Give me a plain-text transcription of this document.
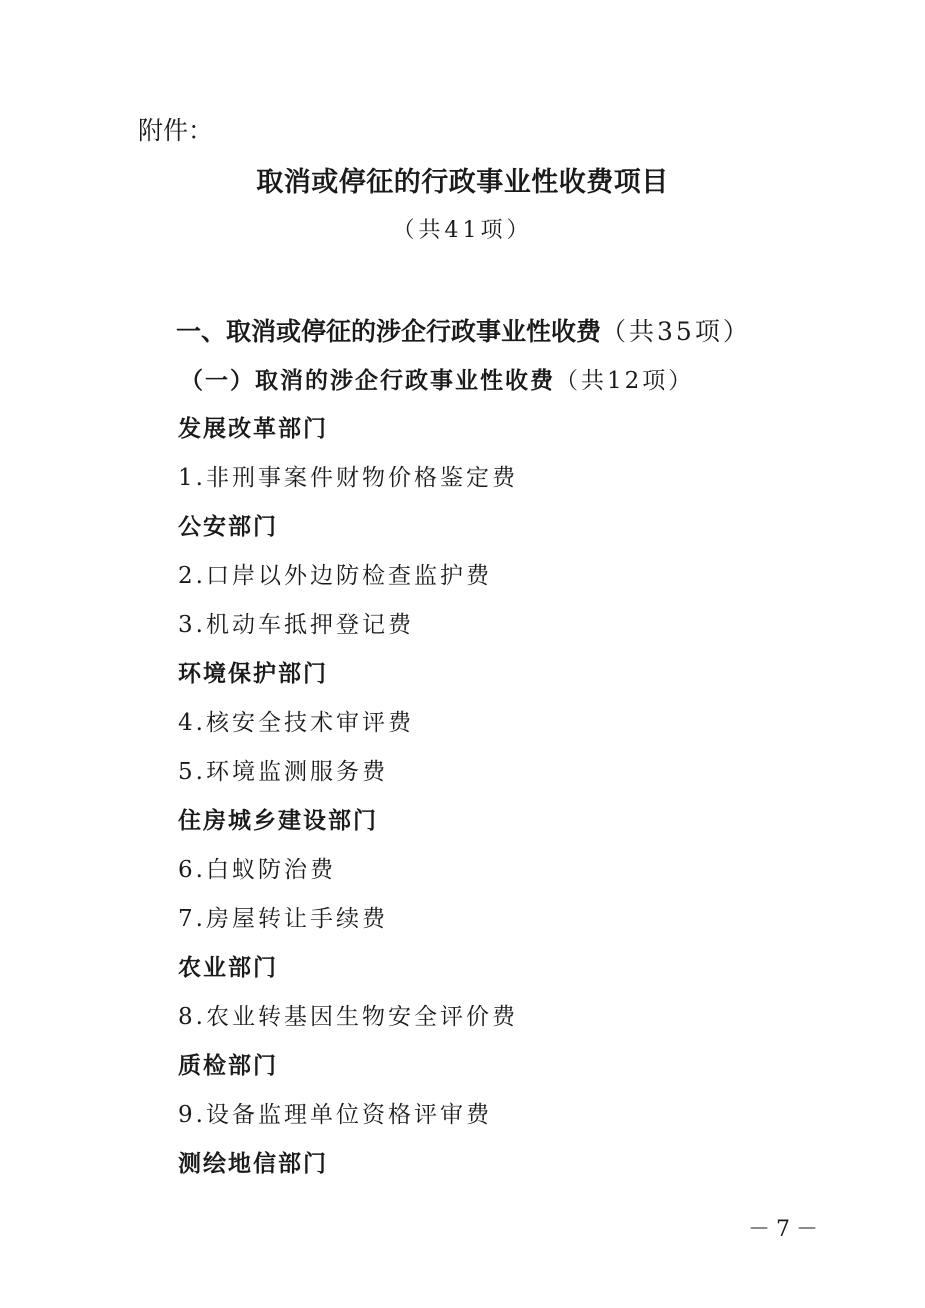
附件：
取消或停征的行政事业性收费项目
（共41项）
一、取消或停征的涉企行政事业性收费（共35项）
（一）取消的涉企行政事业性收费（共12项）
发展改革部门
1.非刑事案件财物价格鉴定费
公安部门
2.口岸以外边防检查监护费
3.机动车抵押登记费
环境保护部门
4.核安全技术审评费
5.环境监测服务费
住房城乡建设部门
6.白蚁防治费
7.房屋转让手续费
农业部门
8.农业转基因生物安全评价费
质检部门
9.设备监理单位资格评审费
测绘地信部门
－7－
